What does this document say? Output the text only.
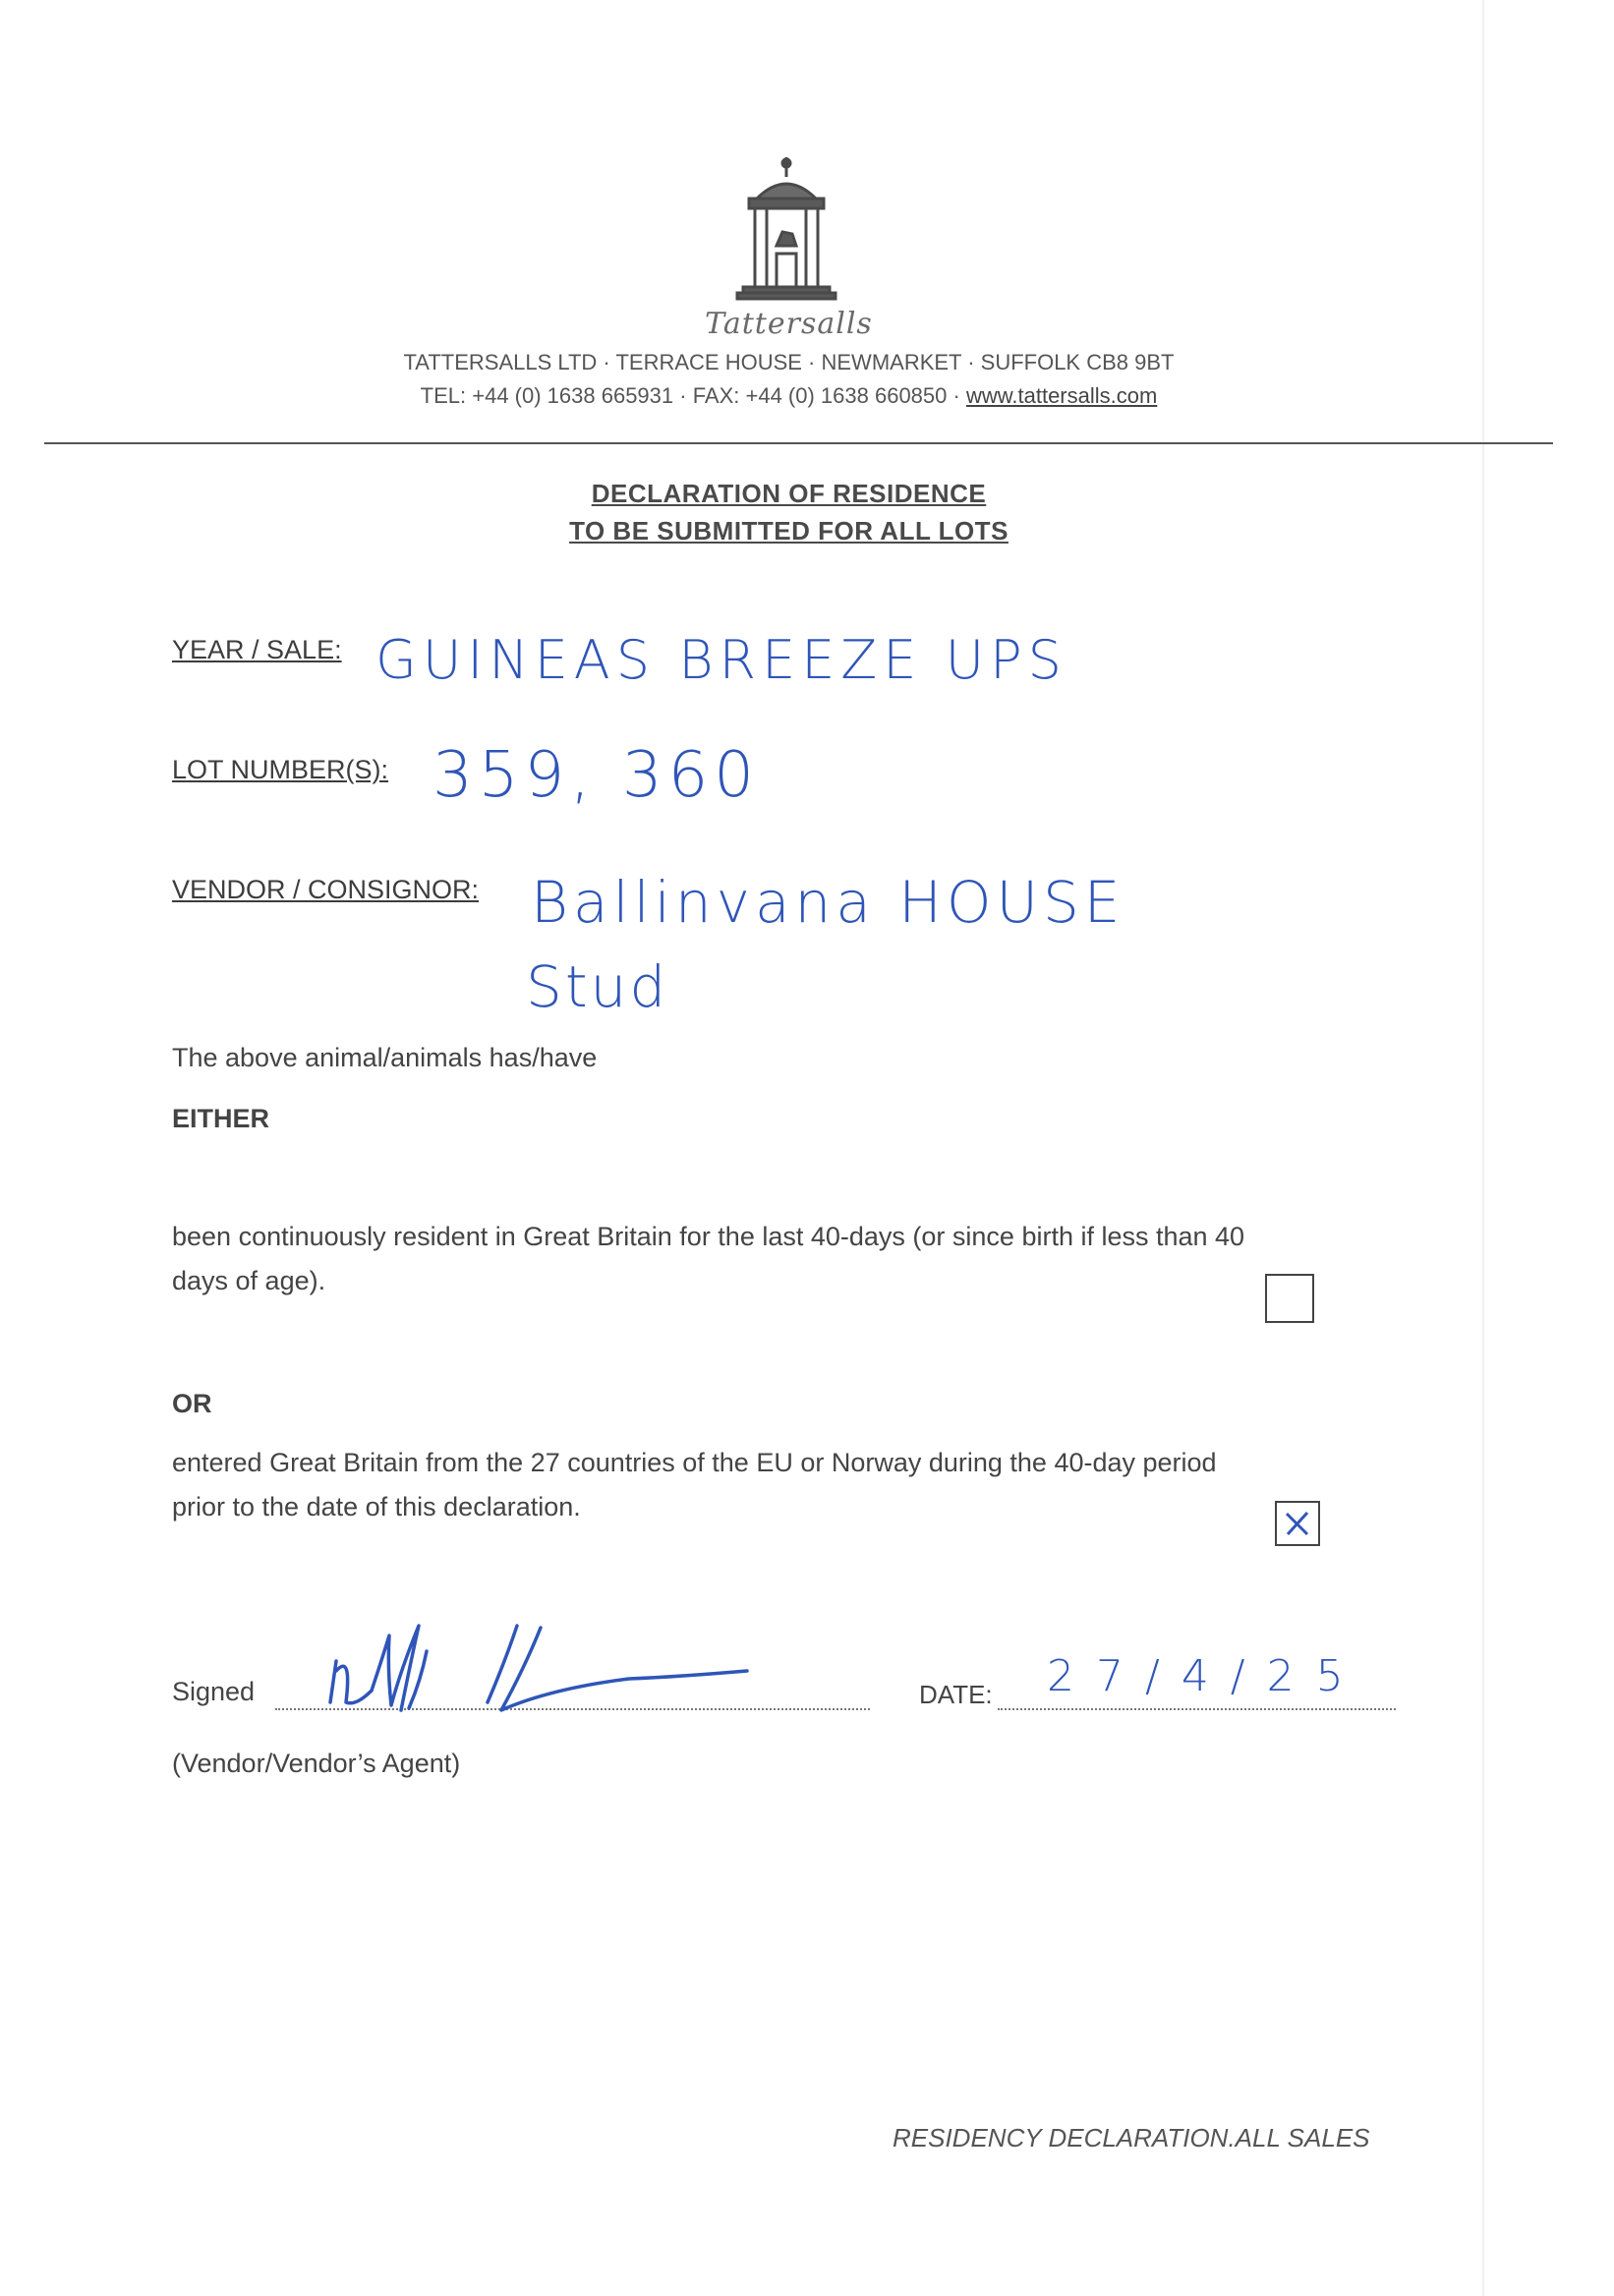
Tattersalls
TATTERSALLS LTD · TERRACE HOUSE · NEWMARKET · SUFFOLK CB8 9BT
TEL: +44 (0) 1638 665931 · FAX: +44 (0) 1638 660850 · www.tattersalls.com
DECLARATION OF RESIDENCE
TO BE SUBMITTED FOR ALL LOTS
YEAR / SALE: GUINEAS BREEZE UPS
LOT NUMBER(S): 359, 360
VENDOR / CONSIGNOR: Ballinvana HOUSE
Stud
The above animal/animals has/have
EITHER
been continuously resident in Great Britain for the last 40-days (or since birth if less than 40
days of age).
OR
entered Great Britain from the 27 countries of the EU or Norway during the 40-day period
prior to the date of this declaration.
Signed	DATE: 27/4/25
(Vendor/Vendor’s Agent)
RESIDENCY DECLARATION.ALL SALES
